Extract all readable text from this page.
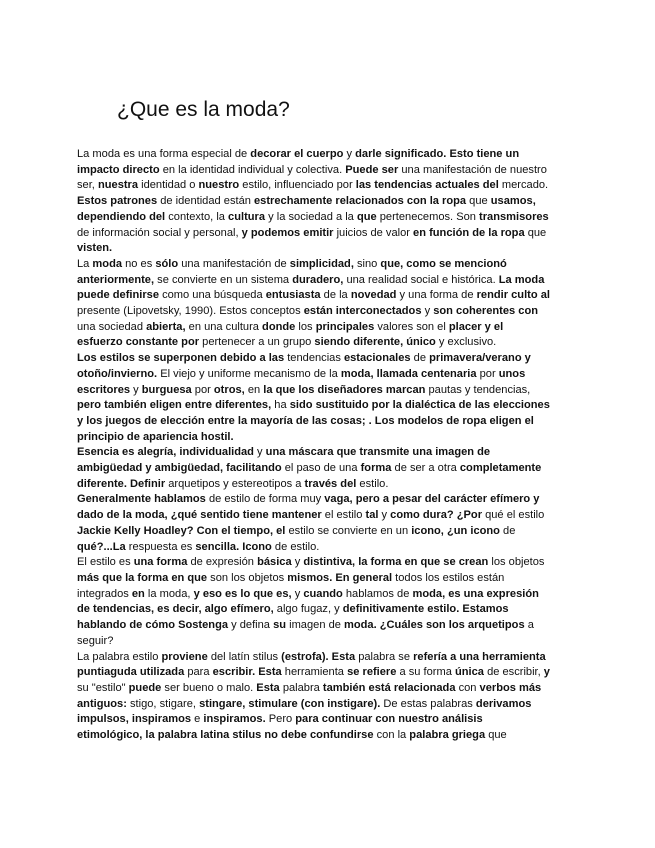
¿Que es la moda?

La moda es una forma especial de decorar el cuerpo y darle significado. Esto tiene un impacto directo en la identidad individual y colectiva. Puede ser una manifestación de nuestro ser, nuestra identidad o nuestro estilo, influenciado por las tendencias actuales del mercado. Estos patrones de identidad están estrechamente relacionados con la ropa que usamos, dependiendo del contexto, la cultura y la sociedad a la que pertenecemos. Son transmisores de información social y personal, y podemos emitir juicios de valor en función de la ropa que visten.

La moda no es sólo una manifestación de simplicidad, sino que, como se mencionó anteriormente, se convierte en un sistema duradero, una realidad social e histórica. La moda puede definirse como una búsqueda entusiasta de la novedad y una forma de rendir culto al presente (Lipovetsky, 1990). Estos conceptos están interconectados y son coherentes con una sociedad abierta, en una cultura donde los principales valores son el placer y el esfuerzo constante por pertenecer a un grupo siendo diferente, único y exclusivo.

Los estilos se superponen debido a las tendencias estacionales de primavera/verano y otoño/invierno. El viejo y uniforme mecanismo de la moda, llamada centenaria por unos escritores y burguesa por otros, en la que los diseñadores marcan pautas y tendencias, pero también eligen entre diferentes, ha sido sustituido por la dialéctica de las elecciones y los juegos de elección entre la mayoría de las cosas; . Los modelos de ropa eligen el principio de apariencia hostil.

Esencia es alegría, individualidad y una máscara que transmite una imagen de ambigüedad y ambigüedad, facilitando el paso de una forma de ser a otra completamente diferente. Definir arquetipos y estereotipos a través del estilo.

Generalmente hablamos de estilo de forma muy vaga, pero a pesar del carácter efímero y dado de la moda, ¿qué sentido tiene mantener el estilo tal y como dura? ¿Por qué el estilo Jackie Kelly Hoadley? Con el tiempo, el estilo se convierte en un icono, ¿un icono de qué?...La respuesta es sencilla. Icono de estilo.

El estilo es una forma de expresión básica y distintiva, la forma en que se crean los objetos más que la forma en que son los objetos mismos. En general todos los estilos están integrados en la moda, y eso es lo que es, y cuando hablamos de moda, es una expresión de tendencias, es decir, algo efímero, algo fugaz, y definitivamente estilo. Estamos hablando de cómo Sostenga y defina su imagen de moda. ¿Cuáles son los arquetipos a seguir?

La palabra estilo proviene del latín stilus (estrofa). Esta palabra se refería a una herramienta puntiaguda utilizada para escribir. Esta herramienta se refiere a su forma única de escribir, y su "estilo" puede ser bueno o malo. Esta palabra también está relacionada con verbos más antiguos: stigo, stigare, stingare, stimulare (con instigare). De estas palabras derivamos impulsos, inspiramos e inspiramos. Pero para continuar con nuestro análisis etimológico, la palabra latina stilus no debe confundirse con la palabra griega que
